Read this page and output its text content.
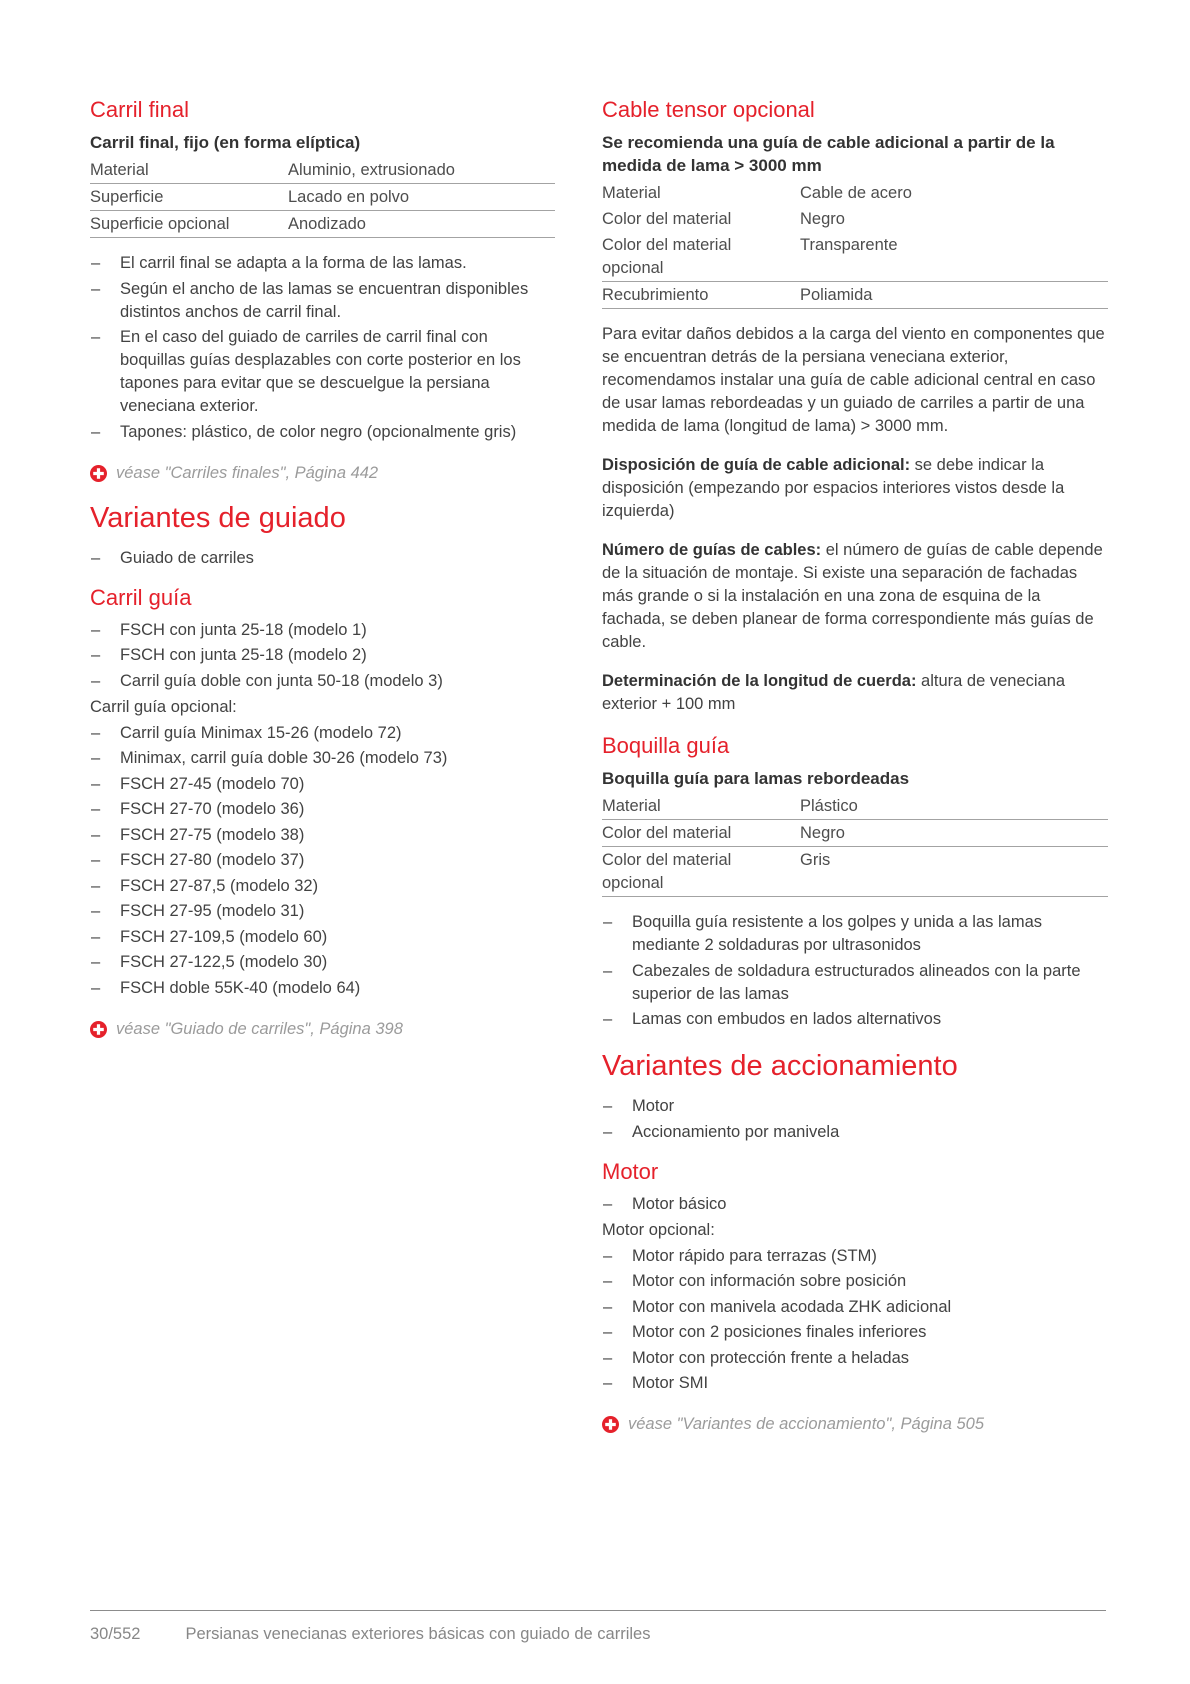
Carril final
Carril final, fijo (en forma elíptica)
Material	Aluminio, extrusionado
Superficie	Lacado en polvo
Superficie opcional	Anodizado
– El carril final se adapta a la forma de las lamas.
– Según el ancho de las lamas se encuentran disponibles distintos anchos de carril final.
– En el caso del guiado de carriles de carril final con boquillas guías desplazables con corte posterior en los tapones para evitar que se descuelgue la persiana veneciana exterior.
– Tapones: plástico, de color negro (opcionalmente gris)
véase "Carriles finales", Página 442
Variantes de guiado
– Guiado de carriles
Carril guía
– FSCH con junta 25-18 (modelo 1)
– FSCH con junta 25-18 (modelo 2)
– Carril guía doble con junta 50-18 (modelo 3)
Carril guía opcional:
– Carril guía Minimax 15-26 (modelo 72)
– Minimax, carril guía doble 30-26 (modelo 73)
– FSCH 27-45 (modelo 70)
– FSCH 27-70 (modelo 36)
– FSCH 27-75 (modelo 38)
– FSCH 27-80 (modelo 37)
– FSCH 27-87,5 (modelo 32)
– FSCH 27-95 (modelo 31)
– FSCH 27-109,5 (modelo 60)
– FSCH 27-122,5 (modelo 30)
– FSCH doble 55K-40 (modelo 64)
véase "Guiado de carriles", Página 398
Cable tensor opcional
Se recomienda una guía de cable adicional a partir de la medida de lama > 3000 mm
Material	Cable de acero
Color del material	Negro
Color del material opcional	Transparente
Recubrimiento	Poliamida

Para evitar daños debidos a la carga del viento en componentes que se encuentran detrás de la persiana veneciana exterior, recomendamos instalar una guía de cable adicional central en caso de usar lamas rebordeadas y un guiado de carriles a partir de una medida de lama (longitud de lama) > 3000 mm.

Disposición de guía de cable adicional: se debe indicar la disposición (empezando por espacios interiores vistos desde la izquierda)

Número de guías de cables: el número de guías de cable depende de la situación de montaje. Si existe una separación de fachadas más grande o si la instalación en una zona de esquina de la fachada, se deben planear de forma correspondiente más guías de cable.

Determinación de la longitud de cuerda: altura de veneciana exterior + 100 mm

Boquilla guía
Boquilla guía para lamas rebordeadas
Material	Plástico
Color del material	Negro
Color del material opcional	Gris
– Boquilla guía resistente a los golpes y unida a las lamas mediante 2 soldaduras por ultrasonidos
– Cabezales de soldadura estructurados alineados con la parte superior de las lamas
– Lamas con embudos en lados alternativos
Variantes de accionamiento
– Motor
– Accionamiento por manivela
Motor
– Motor básico
Motor opcional:
– Motor rápido para terrazas (STM)
– Motor con información sobre posición
– Motor con manivela acodada ZHK adicional
– Motor con 2 posiciones finales inferiores
– Motor con protección frente a heladas
– Motor SMI
véase "Variantes de accionamiento", Página 505
30/552	Persianas venecianas exteriores básicas con guiado de carriles
